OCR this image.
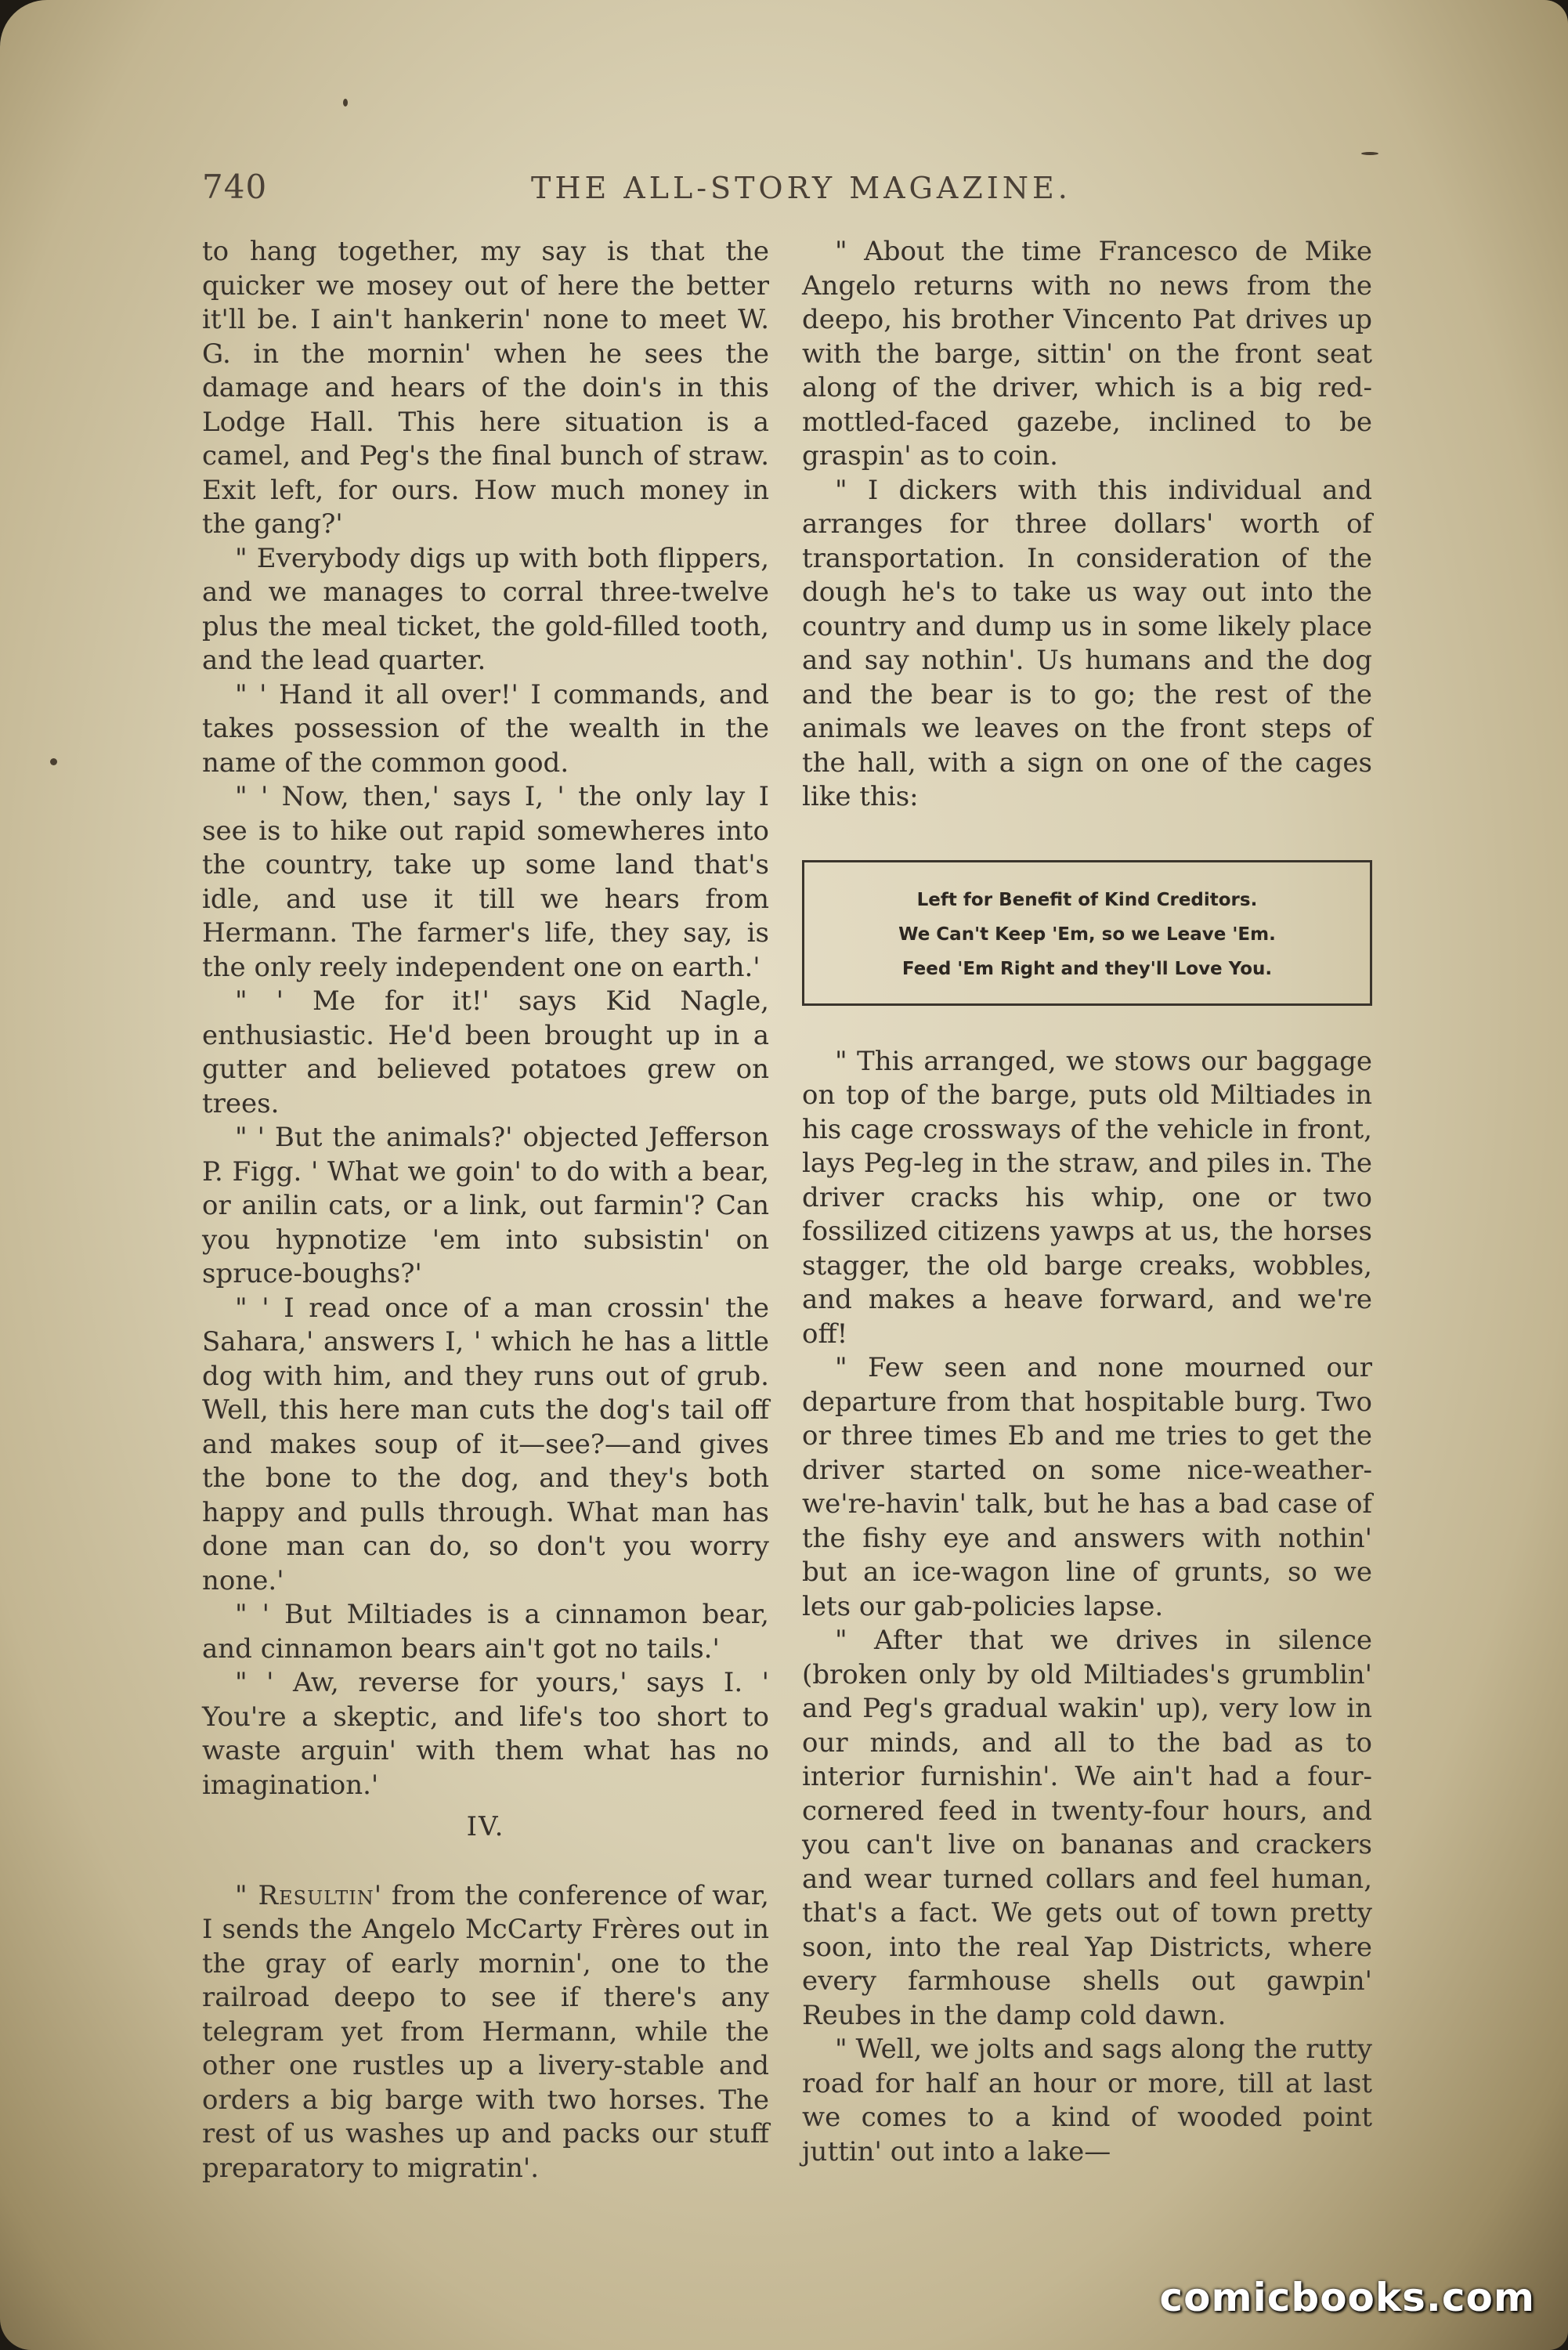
740	THE ALL-STORY MAGAZINE.

to hang together, my say is that the quicker we mosey out of here the better it'll be. I ain't hankerin' none to meet W. G. in the mornin' when he sees the damage and hears of the doin's in this Lodge Hall. This here situation is a camel, and Peg's the final bunch of straw. Exit left, for ours. How much money in the gang?'

" Everybody digs up with both flippers, and we manages to corral three-twelve plus the meal ticket, the gold-filled tooth, and the lead quarter.

" ' Hand it all over!' I commands, and takes possession of the wealth in the name of the common good.

" ' Now, then,' says I, ' the only lay I see is to hike out rapid somewheres into the country, take up some land that's idle, and use it till we hears from Hermann. The farmer's life, they say, is the only reely independent one on earth.'

" ' Me for it!' says Kid Nagle, enthusiastic. He'd been brought up in a gutter and believed potatoes grew on trees.

" ' But the animals?' objected Jefferson P. Figg. ' What we goin' to do with a bear, or anilin cats, or a link, out farmin'? Can you hypnotize 'em into subsistin' on spruce-boughs?'

" ' I read once of a man crossin' the Sahara,' answers I, ' which he has a little dog with him, and they runs out of grub. Well, this here man cuts the dog's tail off and makes soup of it—see?—and gives the bone to the dog, and they's both happy and pulls through. What man has done man can do, so don't you worry none.'

" ' But Miltiades is a cinnamon bear, and cinnamon bears ain't got no tails.'

" ' Aw, reverse for yours,' says I. ' You're a skeptic, and life's too short to waste arguin' with them what has no imagination.'

IV.

" Resultin' from the conference of war, I sends the Angelo McCarty Frères out in the gray of early mornin', one to the railroad deepo to see if there's any telegram yet from Hermann, while the other one rustles up a livery-stable and orders a big barge with two horses. The rest of us washes up and packs our stuff preparatory to migratin'.

" About the time Francesco de Mike Angelo returns with no news from the deepo, his brother Vincento Pat drives up with the barge, sittin' on the front seat along of the driver, which is a big red-mottled-faced gazebe, inclined to be graspin' as to coin.

" I dickers with this individual and arranges for three dollars' worth of transportation. In consideration of the dough he's to take us way out into the country and dump us in some likely place and say nothin'. Us humans and the dog and the bear is to go; the rest of the animals we leaves on the front steps of the hall, with a sign on one of the cages like this:

Left for Benefit of Kind Creditors.
We Can't Keep 'Em, so we Leave 'Em.
Feed 'Em Right and they'll Love You.

" This arranged, we stows our baggage on top of the barge, puts old Miltiades in his cage crossways of the vehicle in front, lays Peg-leg in the straw, and piles in. The driver cracks his whip, one or two fossilized citizens yawps at us, the horses stagger, the old barge creaks, wobbles, and makes a heave forward, and we're off!

" Few seen and none mourned our departure from that hospitable burg. Two or three times Eb and me tries to get the driver started on some nice-weather-we're-havin' talk, but he has a bad case of the fishy eye and answers with nothin' but an ice-wagon line of grunts, so we lets our gab-policies lapse.

" After that we drives in silence (broken only by old Miltiades's grumblin' and Peg's gradual wakin' up), very low in our minds, and all to the bad as to interior furnishin'. We ain't had a four-cornered feed in twenty-four hours, and you can't live on bananas and crackers and wear turned collars and feel human, that's a fact. We gets out of town pretty soon, into the real Yap Districts, where every farmhouse shells out gawpin' Reubes in the damp cold dawn.

" Well, we jolts and sags along the rutty road for half an hour or more, till at last we comes to a kind of wooded point juttin' out into a lake—

comicbooks.com
